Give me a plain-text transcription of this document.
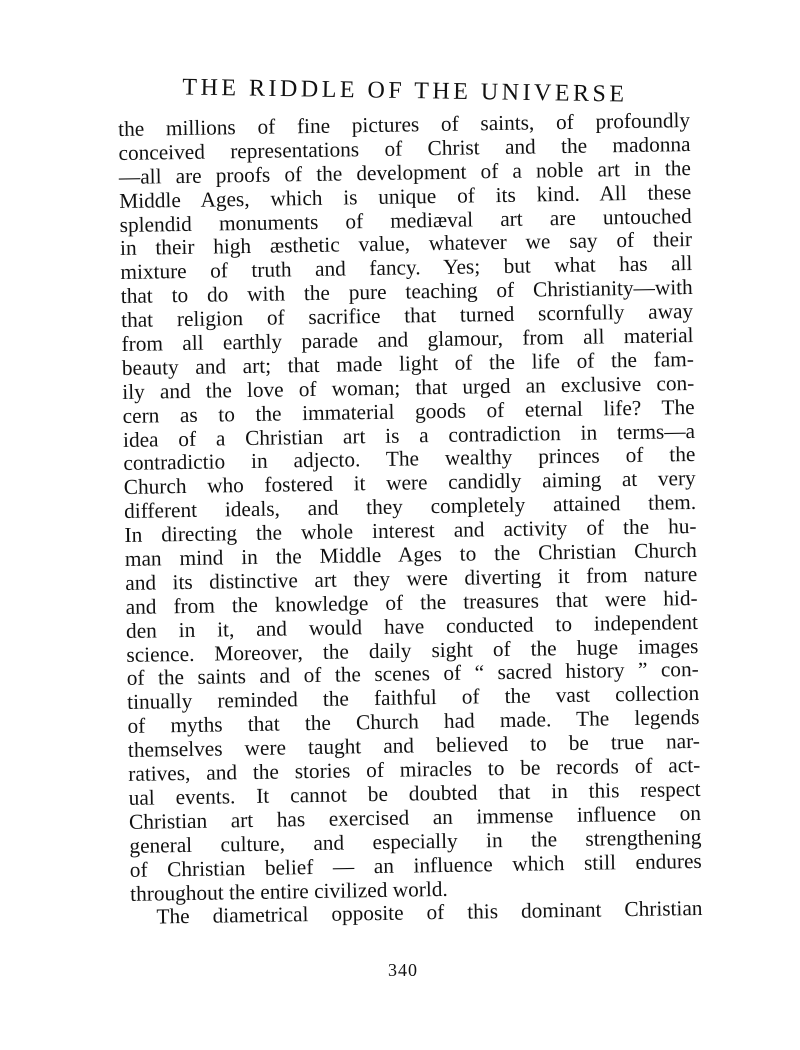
THE RIDDLE OF THE UNIVERSE
the millions of fine pictures of saints, of profoundly
conceived representations of Christ and the madonna
—all are proofs of the development of a noble art in the
Middle Ages, which is unique of its kind. All these
splendid monuments of mediæval art are untouched
in their high æsthetic value, whatever we say of their
mixture of truth and fancy. Yes; but what has all
that to do with the pure teaching of Christianity—with
that religion of sacrifice that turned scornfully away
from all earthly parade and glamour, from all material
beauty and art; that made light of the life of the fam-
ily and the love of woman; that urged an exclusive con-
cern as to the immaterial goods of eternal life? The
idea of a Christian art is a contradiction in terms—a
contradictio in adjecto. The wealthy princes of the
Church who fostered it were candidly aiming at very
different ideals, and they completely attained them.
In directing the whole interest and activity of the hu-
man mind in the Middle Ages to the Christian Church
and its distinctive art they were diverting it from nature
and from the knowledge of the treasures that were hid-
den in it, and would have conducted to independent
science. Moreover, the daily sight of the huge images
of the saints and of the scenes of “ sacred history ” con-
tinually reminded the faithful of the vast collection
of myths that the Church had made. The legends
themselves were taught and believed to be true nar-
ratives, and the stories of miracles to be records of act-
ual events. It cannot be doubted that in this respect
Christian art has exercised an immense influence on
general culture, and especially in the strengthening
of Christian belief — an influence which still endures
throughout the entire civilized world.
The diametrical opposite of this dominant Christian
340
